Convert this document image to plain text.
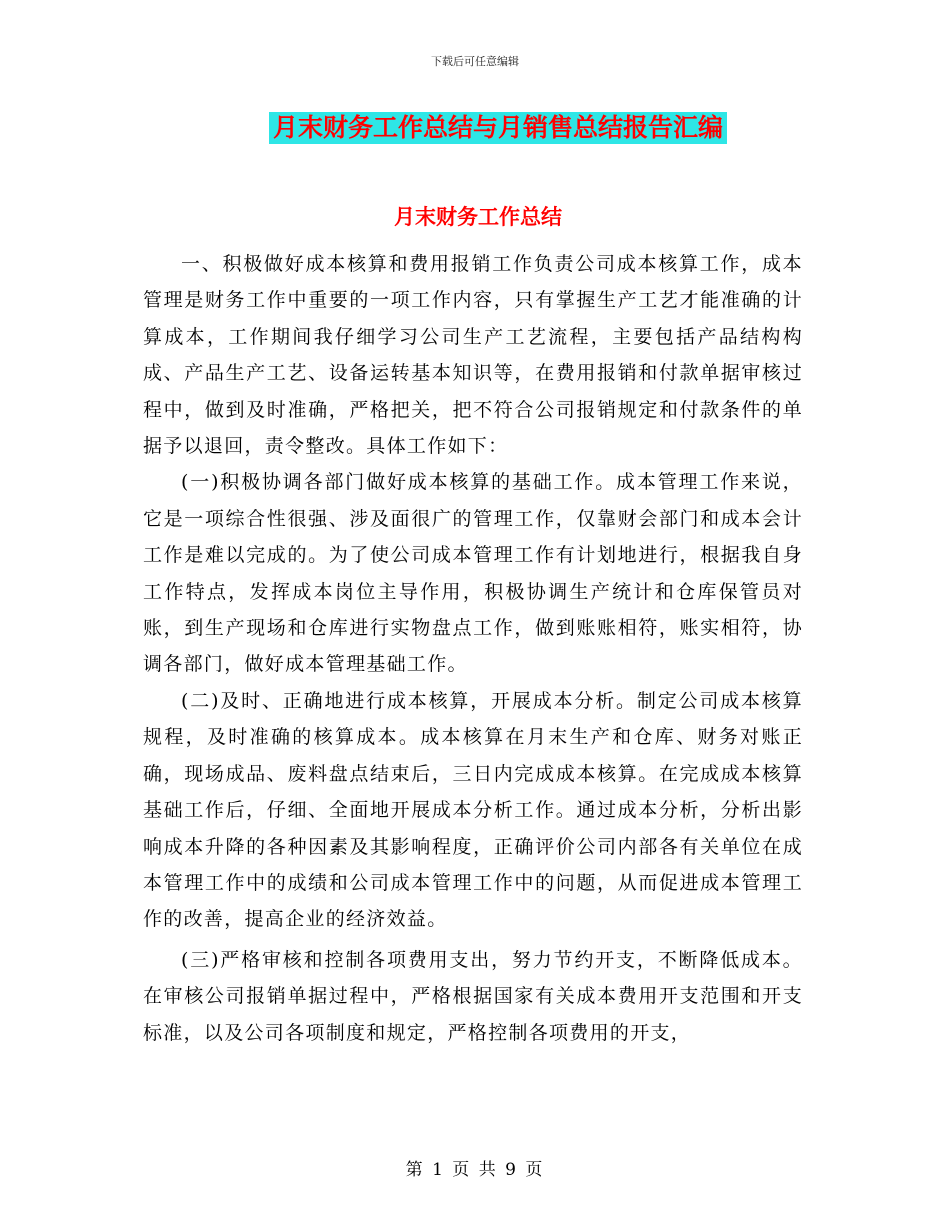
下载后可任意编辑
月末财务工作总结与月销售总结报告汇编
月末财务工作总结

一、积极做好成本核算和费用报销工作负责公司成本核算工作，成本管理是财务工作中重要的一项工作内容，只有掌握生产工艺才能准确的计算成本，工作期间我仔细学习公司生产工艺流程，主要包括产品结构构成、产品生产工艺、设备运转基本知识等，在费用报销和付款单据审核过程中，做到及时准确，严格把关，把不符合公司报销规定和付款条件的单据予以退回，责令整改。具体工作如下：

(一)积极协调各部门做好成本核算的基础工作。成本管理工作来说，它是一项综合性很强、涉及面很广的管理工作，仅靠财会部门和成本会计工作是难以完成的。为了使公司成本管理工作有计划地进行，根据我自身工作特点，发挥成本岗位主导作用，积极协调生产统计和仓库保管员对账，到生产现场和仓库进行实物盘点工作，做到账账相符，账实相符，协调各部门，做好成本管理基础工作。

(二)及时、正确地进行成本核算，开展成本分析。制定公司成本核算规程，及时准确的核算成本。成本核算在月末生产和仓库、财务对账正确，现场成品、废料盘点结束后，三日内完成成本核算。在完成成本核算基础工作后，仔细、全面地开展成本分析工作。通过成本分析，分析出影响成本升降的各种因素及其影响程度，正确评价公司内部各有关单位在成本管理工作中的成绩和公司成本管理工作中的问题，从而促进成本管理工作的改善，提高企业的经济效益。

(三)严格审核和控制各项费用支出，努力节约开支，不断降低成本。在审核公司报销单据过程中，严格根据国家有关成本费用开支范围和开支标准，以及公司各项制度和规定，严格控制各项费用的开支，

第 1 页 共 9 页
